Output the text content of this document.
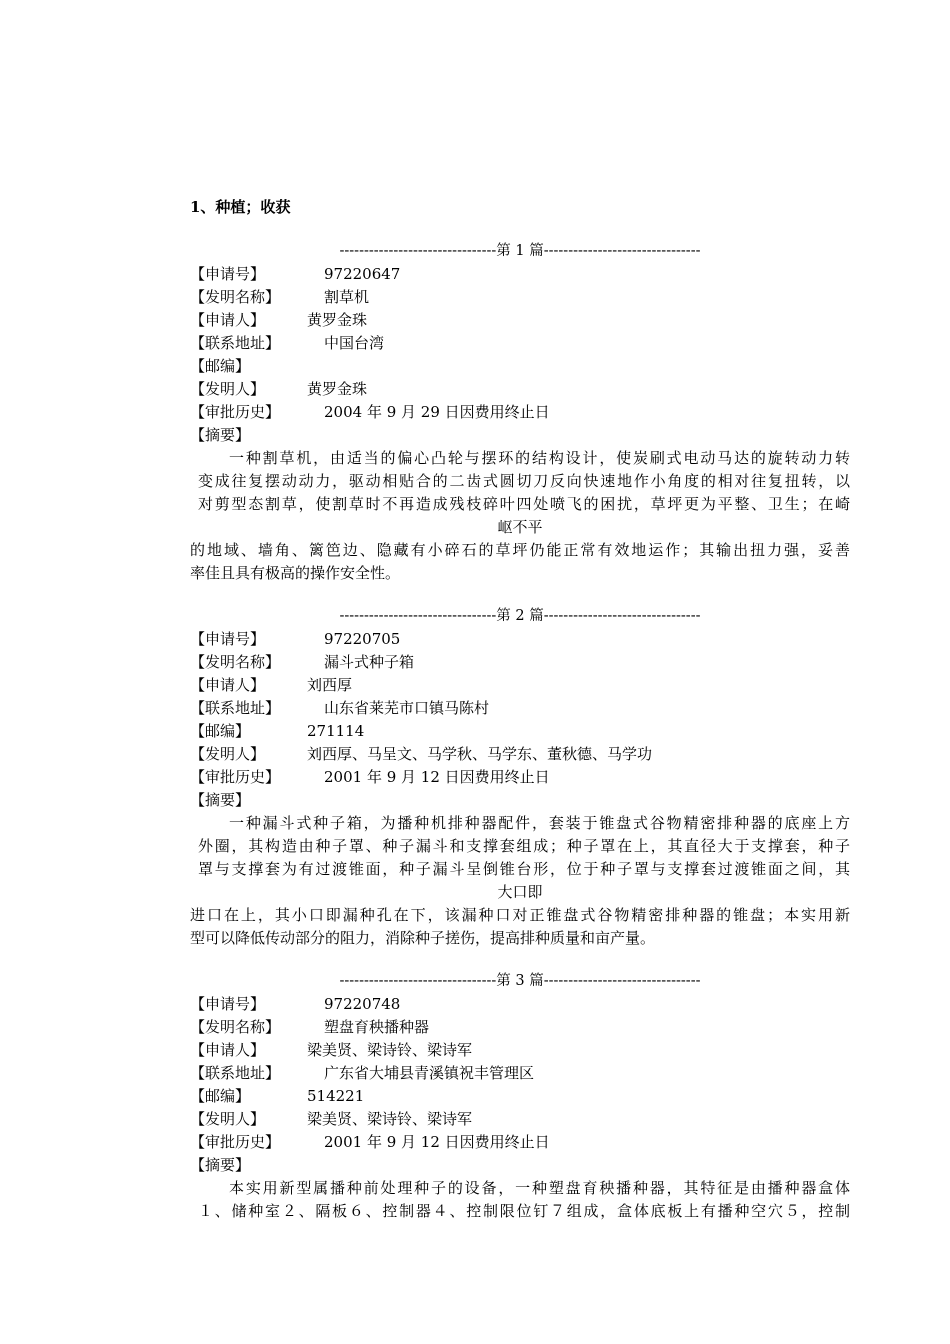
1、种植；收获
--------------------------------第 1 篇--------------------------------
【申请号】	97220647
【发明名称】	割草机
【申请人】	黄罗金珠
【联系地址】	中国台湾
【邮编】
【发明人】	黄罗金珠
【审批历史】	2004 年 9 月 29 日因费用终止日
【摘要】
一种割草机，由适当的偏心凸轮与摆环的结构设计，使炭刷式电动马达的旋转动力转
变成往复摆动动力，驱动相贴合的二齿式圆切刀反向快速地作小角度的相对往复扭转，以
对剪型态割草，使割草时不再造成残枝碎叶四处喷飞的困扰，草坪更为平整、卫生；在崎
岖不平
的地域、墙角、篱笆边、隐藏有小碎石的草坪仍能正常有效地运作；其输出扭力强，妥善
率佳且具有极高的操作安全性。
--------------------------------第 2 篇--------------------------------
【申请号】	97220705
【发明名称】	漏斗式种子箱
【申请人】	刘西厚
【联系地址】	山东省莱芜市口镇马陈村
【邮编】	271114
【发明人】	刘西厚、马呈文、马学秋、马学东、董秋德、马学功
【审批历史】	2001 年 9 月 12 日因费用终止日
【摘要】
一种漏斗式种子箱，为播种机排种器配件，套装于锥盘式谷物精密排种器的底座上方
外圈，其构造由种子罩、种子漏斗和支撑套组成；种子罩在上，其直径大于支撑套，种子
罩与支撑套为有过渡锥面，种子漏斗呈倒锥台形，位于种子罩与支撑套过渡锥面之间，其
大口即
进口在上，其小口即漏种孔在下，该漏种口对正锥盘式谷物精密排种器的锥盘；本实用新
型可以降低传动部分的阻力，消除种子搓伤，提高排种质量和亩产量。
--------------------------------第 3 篇--------------------------------
【申请号】	97220748
【发明名称】	塑盘育秧播种器
【申请人】	梁美贤、梁诗铃、梁诗军
【联系地址】	广东省大埔县青溪镇祝丰管理区
【邮编】	514221
【发明人】	梁美贤、梁诗铃、梁诗军
【审批历史】	2001 年 9 月 12 日因费用终止日
【摘要】
本实用新型属播种前处理种子的设备，一种塑盘育秧播种器，其特征是由播种器盒体
１、储种室２、隔板６、控制器４、控制限位钉７组成，盒体底板上有播种空穴５，控制
